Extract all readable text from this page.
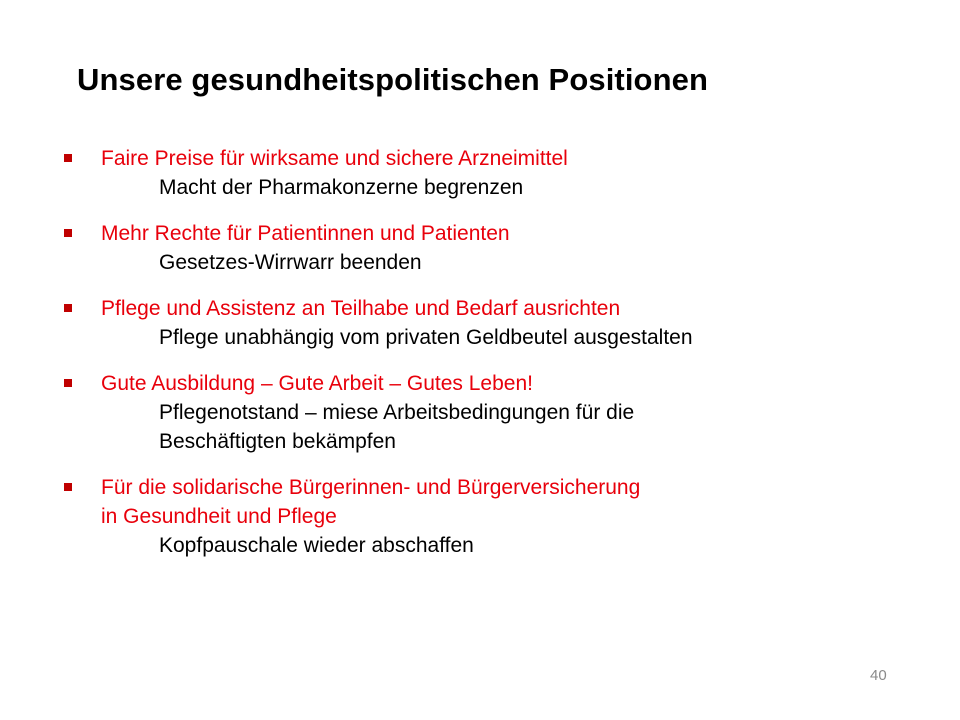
Unsere gesundheitspolitischen Positionen
Faire Preise für wirksame und sichere Arzneimittel
Macht der Pharmakonzerne begrenzen
Mehr Rechte für Patientinnen und Patienten
Gesetzes-Wirrwarr beenden
Pflege und Assistenz an Teilhabe und Bedarf ausrichten
Pflege unabhängig vom privaten Geldbeutel ausgestalten
Gute Ausbildung – Gute Arbeit – Gutes Leben!
Pflegenotstand – miese Arbeitsbedingungen für die
Beschäftigten bekämpfen
Für die solidarische Bürgerinnen- und Bürgerversicherung
in Gesundheit und Pflege
Kopfpauschale wieder abschaffen
40
